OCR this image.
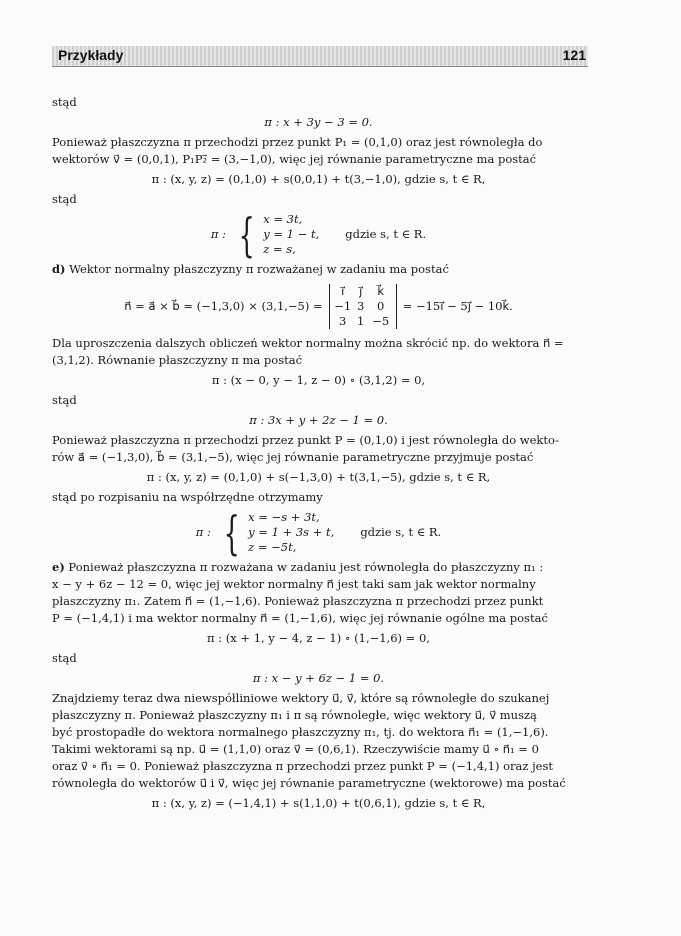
Przykłady	121

stąd

π : x + 3y − 3 = 0.

Ponieważ płaszczyzna π przechodzi przez punkt P₁ = (0,1,0) oraz jest równoległa do

wektorów v⃗ = (0,0,1), P₁P₂⃗ = (3,−1,0), więc jej równanie parametryczne ma postać

π : (x, y, z) = (0,1,0) + s(0,0,1) + t(3,−1,0), gdzie s, t ∈ R,

stąd

π : { x = 3t,
y = 1 − t,
z = s,
gdzie s, t ∈ R.

d) Wektor normalny płaszczyzny π rozważanej w zadaniu ma postać

n⃗ = a⃗ × b⃗ = (−1,3,0) × (3,1,−5) =
i⃗	j⃗	k⃗
−1 3	0
3 1 −5
= −15i⃗ − 5j⃗ − 10k⃗.

Dla uproszczenia dalszych obliczeń wektor normalny można skrócić np. do wektora n⃗ =

(3,1,2). Równanie płaszczyzny π ma postać

π : (x − 0, y − 1, z − 0) ∘ (3,1,2) = 0,

stąd

π : 3x + y + 2z − 1 = 0.

Ponieważ płaszczyzna π przechodzi przez punkt P = (0,1,0) i jest równoległa do wekto-

rów a⃗ = (−1,3,0), b⃗ = (3,1,−5), więc jej równanie parametryczne przyjmuje postać

π : (x, y, z) = (0,1,0) + s(−1,3,0) + t(3,1,−5), gdzie s, t ∈ R,

stąd po rozpisaniu na współrzędne otrzymamy

π : { x = −s + 3t,
y = 1 + 3s + t,
z = −5t,
gdzie s, t ∈ R.

e) Ponieważ płaszczyzna π rozważana w zadaniu jest równoległa do płaszczyzny π₁ :

x − y + 6z − 12 = 0, więc jej wektor normalny n⃗ jest taki sam jak wektor normalny

płaszczyzny π₁. Zatem n⃗ = (1,−1,6). Ponieważ płaszczyzna π przechodzi przez punkt

P = (−1,4,1) i ma wektor normalny n⃗ = (1,−1,6), więc jej równanie ogólne ma postać

π : (x + 1, y − 4, z − 1) ∘ (1,−1,6) = 0,

stąd

π : x − y + 6z − 1 = 0.

Znajdziemy teraz dwa niewspółliniowe wektory u⃗, v⃗, które są równoległe do szukanej

płaszczyzny π. Ponieważ płaszczyzny π₁ i π są równoległe, więc wektory u⃗, v⃗ muszą

być prostopadłe do wektora normalnego płaszczyzny π₁, tj. do wektora n⃗₁ = (1,−1,6).

Takimi wektorami są np. u⃗ = (1,1,0) oraz v⃗ = (0,6,1). Rzeczywiście mamy u⃗ ∘ n⃗₁ = 0

oraz v⃗ ∘ n⃗₁ = 0. Ponieważ płaszczyzna π przechodzi przez punkt P = (−1,4,1) oraz jest

równoległa do wektorów u⃗ i v⃗, więc jej równanie parametryczne (wektorowe) ma postać

π : (x, y, z) = (−1,4,1) + s(1,1,0) + t(0,6,1), gdzie s, t ∈ R,
